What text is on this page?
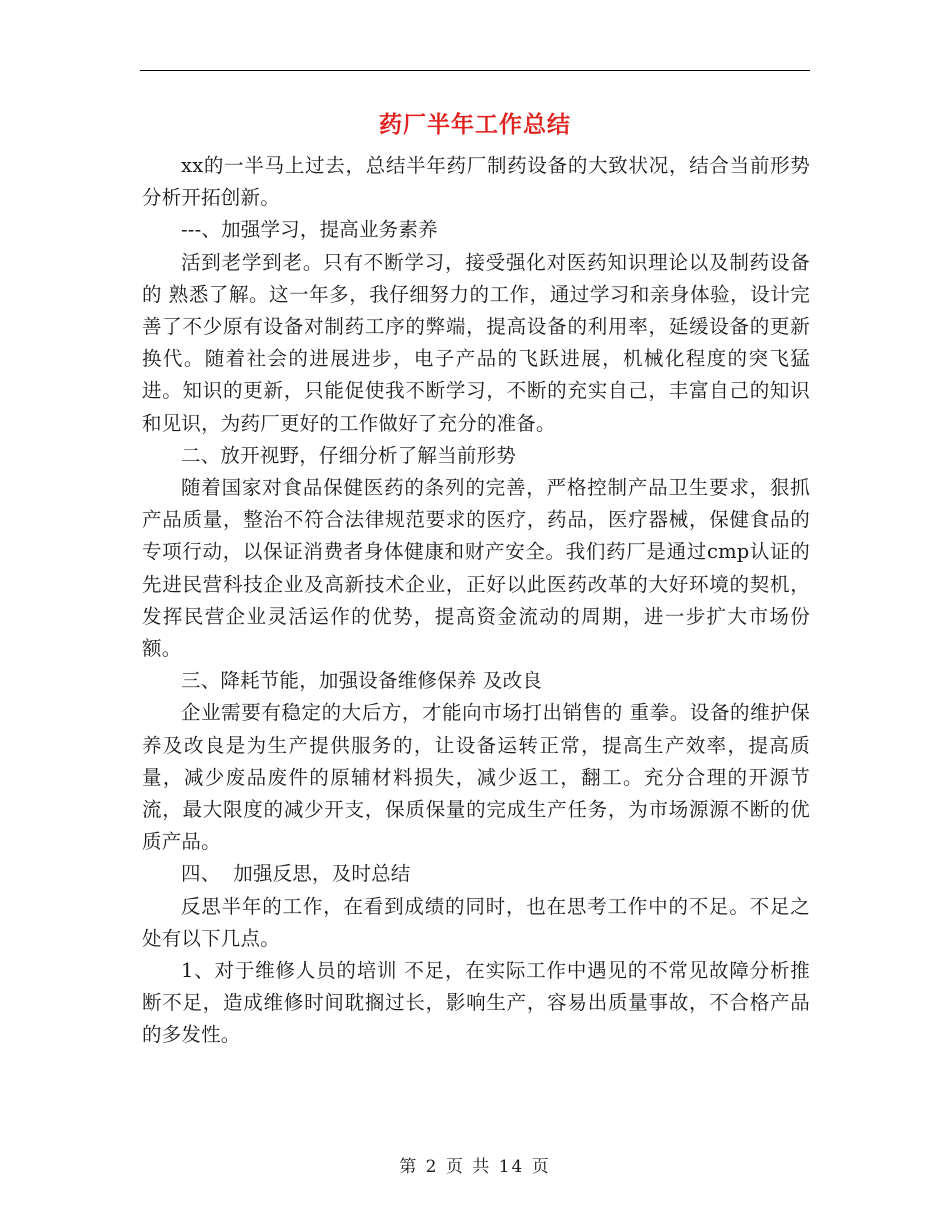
药厂半年工作总结

xx的一半马上过去，总结半年药厂制药设备的大致状况，结合当前形势分析开拓创新。

---、加强学习，提高业务素养

活到老学到老。只有不断学习，接受强化对医药知识理论以及制药设备的 熟悉了解。这一年多，我仔细努力的工作，通过学习和亲身体验，设计完善了不少原有设备对制药工序的弊端，提高设备的利用率，延缓设备的更新换代。随着社会的进展进步，电子产品的飞跃进展，机械化程度的突飞猛进。知识的更新，只能促使我不断学习，不断的充实自己，丰富自己的知识和见识，为药厂更好的工作做好了充分的准备。

二、放开视野，仔细分析了解当前形势

随着国家对食品保健医药的条列的完善，严格控制产品卫生要求，狠抓产品质量，整治不符合法律规范要求的医疗，药品，医疗器械，保健食品的专项行动，以保证消费者身体健康和财产安全。我们药厂是通过cmp认证的先进民营科技企业及高新技术企业，正好以此医药改革的大好环境的契机，发挥民营企业灵活运作的优势，提高资金流动的周期，进一步扩大市场份额。

三、降耗节能，加强设备维修保养 及改良

企业需要有稳定的大后方，才能向市场打出销售的 重拳。设备的维护保养及改良是为生产提供服务的，让设备运转正常，提高生产效率，提高质量，减少废品废件的原辅材料损失，减少返工，翻工。充分合理的开源节流，最大限度的减少开支，保质保量的完成生产任务，为市场源源不断的优质产品。

四、  加强反思，及时总结

反思半年的工作，在看到成绩的同时，也在思考工作中的不足。不足之处有以下几点。

1、对于维修人员的培训 不足，在实际工作中遇见的不常见故障分析推断不足，造成维修时间耽搁过长，影响生产，容易出质量事故，不合格产品的多发性。

第 2 页 共 14 页
